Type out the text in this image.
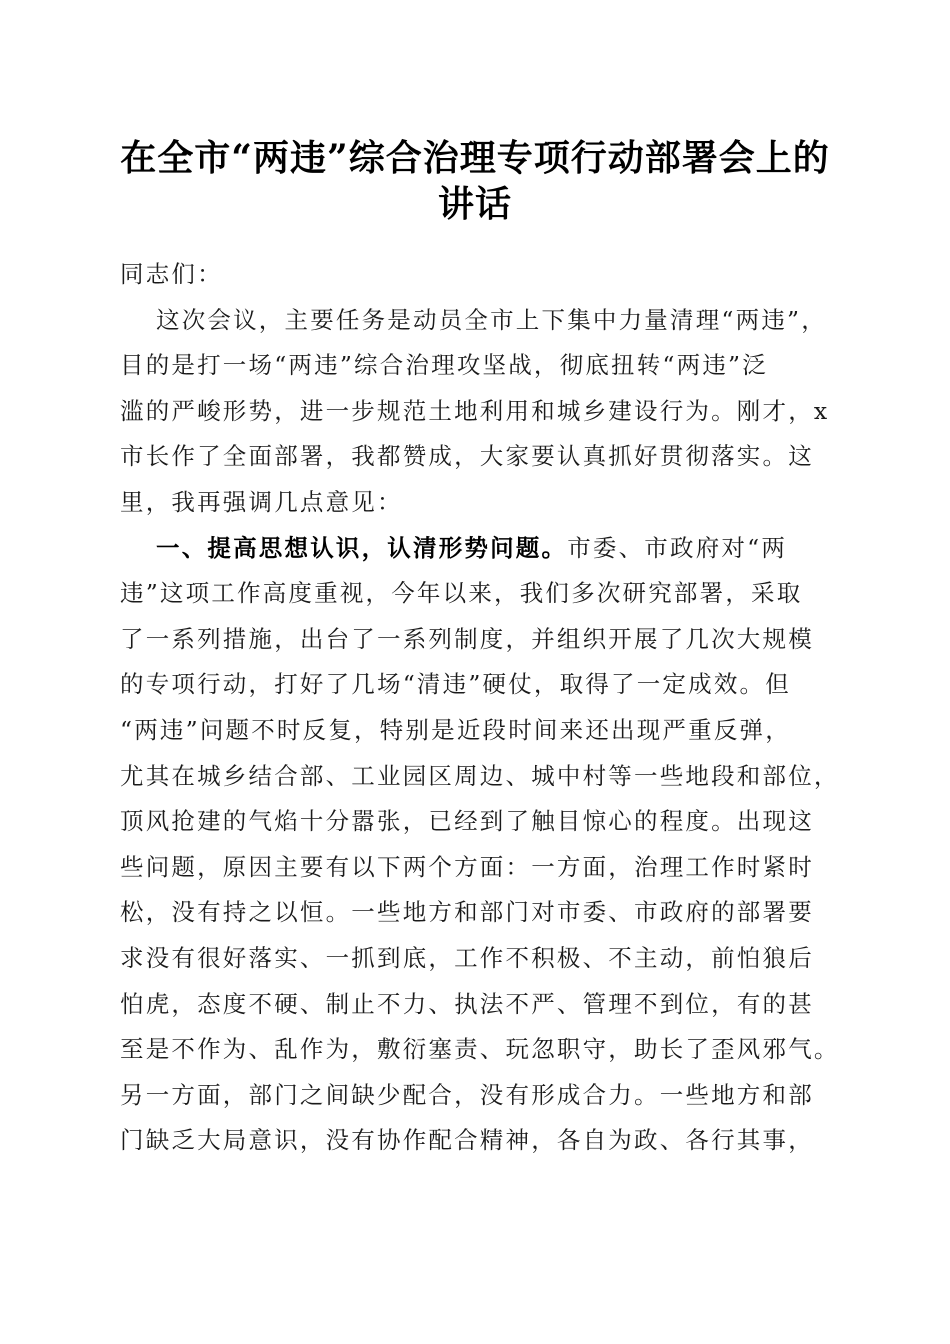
在全市“两违”综合治理专项行动部署会上的
讲话
同志们：
这次会议，主要任务是动员全市上下集中力量清理“两违”，
目的是打一场“两违”综合治理攻坚战，彻底扭转“两违”泛
滥的严峻形势，进一步规范土地利用和城乡建设行为。刚才，x
市长作了全面部署，我都赞成，大家要认真抓好贯彻落实。这
里，我再强调几点意见：
一、提高思想认识，认清形势问题。市委、市政府对“两
违”这项工作高度重视，今年以来，我们多次研究部署，采取
了一系列措施，出台了一系列制度，并组织开展了几次大规模
的专项行动，打好了几场“清违”硬仗，取得了一定成效。但
“两违”问题不时反复，特别是近段时间来还出现严重反弹，
尤其在城乡结合部、工业园区周边、城中村等一些地段和部位，
顶风抢建的气焰十分嚣张，已经到了触目惊心的程度。出现这
些问题，原因主要有以下两个方面：一方面，治理工作时紧时
松，没有持之以恒。一些地方和部门对市委、市政府的部署要
求没有很好落实、一抓到底，工作不积极、不主动，前怕狼后
怕虎，态度不硬、制止不力、执法不严、管理不到位，有的甚
至是不作为、乱作为，敷衍塞责、玩忽职守，助长了歪风邪气。
另一方面，部门之间缺少配合，没有形成合力。一些地方和部
门缺乏大局意识，没有协作配合精神，各自为政、各行其事，
